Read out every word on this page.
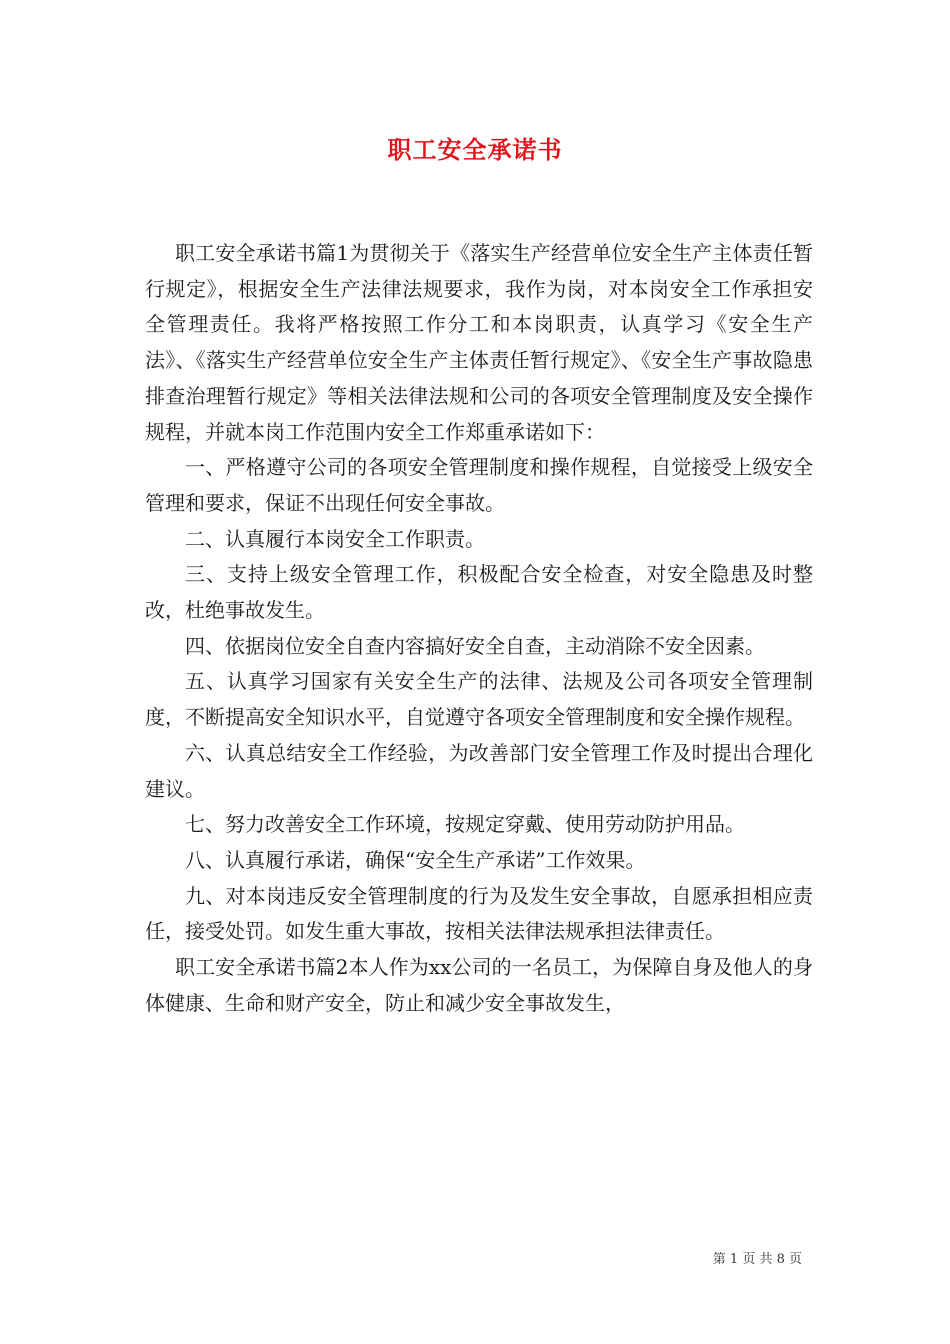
职工安全承诺书

职工安全承诺书篇1为贯彻关于《落实生产经营单位安全生产主体责任暂行规定》，根据安全生产法律法规要求，我作为岗，对本岗安全工作承担安全管理责任。我将严格按照工作分工和本岗职责，认真学习《安全生产法》、《落实生产经营单位安全生产主体责任暂行规定》、《安全生产事故隐患排查治理暂行规定》等相关法律法规和公司的各项安全管理制度及安全操作规程，并就本岗工作范围内安全工作郑重承诺如下：

一、严格遵守公司的各项安全管理制度和操作规程，自觉接受上级安全管理和要求，保证不出现任何安全事故。

二、认真履行本岗安全工作职责。

三、支持上级安全管理工作，积极配合安全检查，对安全隐患及时整改，杜绝事故发生。

四、依据岗位安全自查内容搞好安全自查，主动消除不安全因素。

五、认真学习国家有关安全生产的法律、法规及公司各项安全管理制度，不断提高安全知识水平，自觉遵守各项安全管理制度和安全操作规程。

六、认真总结安全工作经验，为改善部门安全管理工作及时提出合理化建议。

七、努力改善安全工作环境，按规定穿戴、使用劳动防护用品。

八、认真履行承诺，确保“安全生产承诺”工作效果。

九、对本岗违反安全管理制度的行为及发生安全事故，自愿承担相应责任，接受处罚。如发生重大事故，按相关法律法规承担法律责任。

职工安全承诺书篇2本人作为xx公司的一名员工，为保障自身及他人的身体健康、生命和财产安全，防止和减少安全事故发生，

第 1 页 共 8 页
